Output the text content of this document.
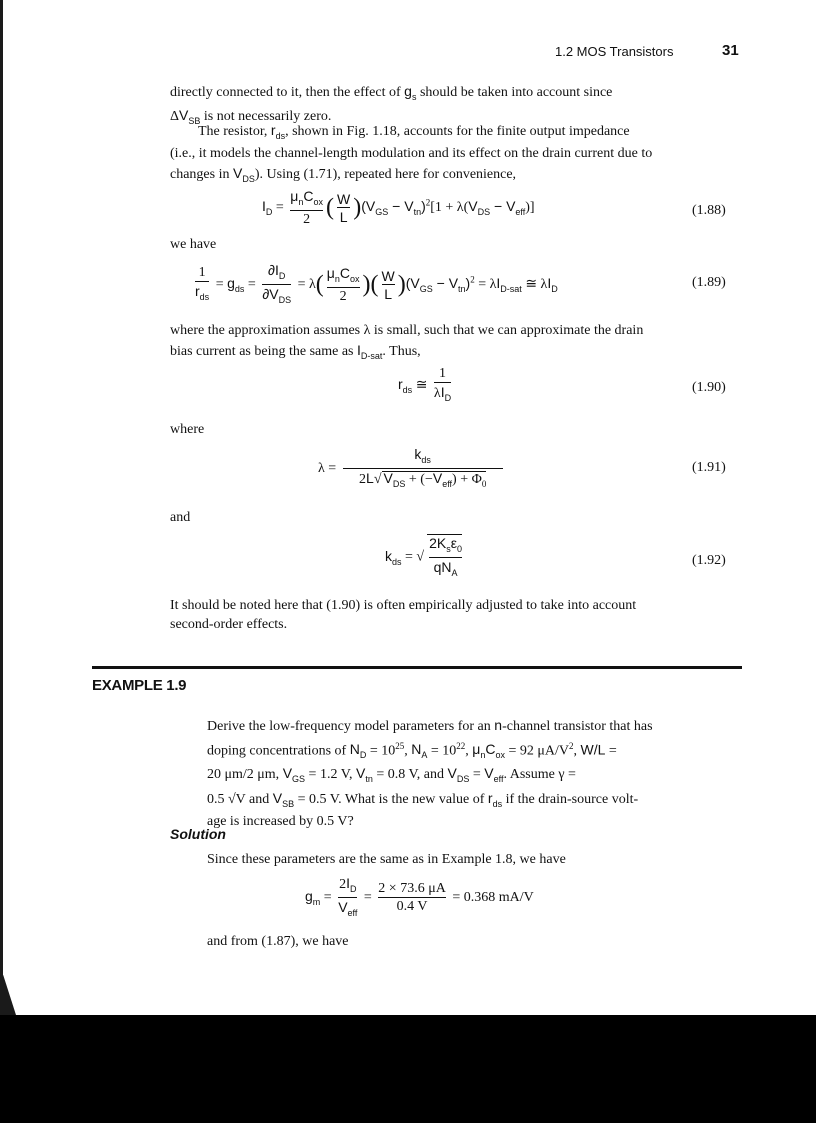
1.2 MOS Transistors	31
directly connected to it, then the effect of $g_s$ should be taken into account since
$\Delta V_{SB}$ is not necessarily zero.
The resistor, $r_{ds}$, shown in Fig. 1.18, accounts for the finite output impedance
(i.e., it models the channel-length modulation and its effect on the drain current due to
changes in $V_{DS}$). Using (1.71), repeated here for convenience,
$I_D = \frac{\mu_nC_{ox}}{2}$ ( $\frac{W}{L} )(V_{GS} - V_{tn})^2[1 + \lambda(V_{DS} - V_{eff})]$	(1.88)
we have
$\frac{1}{r_{ds}} = g_{ds} = \frac{\partial I_D}{\partial V_{DS}} = \lambda( \frac{\mu_nC_{ox}}{2}$ )( $\frac{W}{L} )(V_{GS} - V_{tn})^2 = \lambda I_{D-sat}$ ≅ $\lambda I_D$	(1.89)
where the approximation assumes λ is small, such that we can approximate the drain
bias current as being the same as $I_{D-sat}$. Thus,
$r_{ds}$ ≅ $\frac{1}{\lambda I_D}$	(1.90)
where
$\lambda = \frac{k_{ds}}{2L√ V_{DS} + (-V_{eff}) + \Phi_0}$	(1.91)
and
$k_{ds}$ = √ $\frac{2K_s\varepsilon_0}{qN_A}$	(1.92)
It should be noted here that (1.90) is often empirically adjusted to take into account
second-order effects.
EXAMPLE 1.9
Derive the low-frequency model parameters for an n-channel transistor that has
doping concentrations of $N_D = 10^{25}$, $N_A = 10^{22}$, $\mu_nC_{ox} = 92$ $\mu A/V^2$, W/L =
20 μm/2 μm, $V_{GS} = 1.2$ V, $V_{tn} = 0.8$ V, and $V_{DS} = V_{eff}$. Assume γ =
0.5 √V and $V_{SB} = 0.5$ V. What is the new value of $r_{ds}$ if the drain-source volt-
age is increased by 0.5 V?
Solution
Since these parameters are the same as in Example 1.8, we have
$g_m = \frac{2I_D}{V_{eff}} = \frac{2 \times 73.6 \mu A}{0.4 V} = 0.368$ mA/V
and from (1.87), we have
